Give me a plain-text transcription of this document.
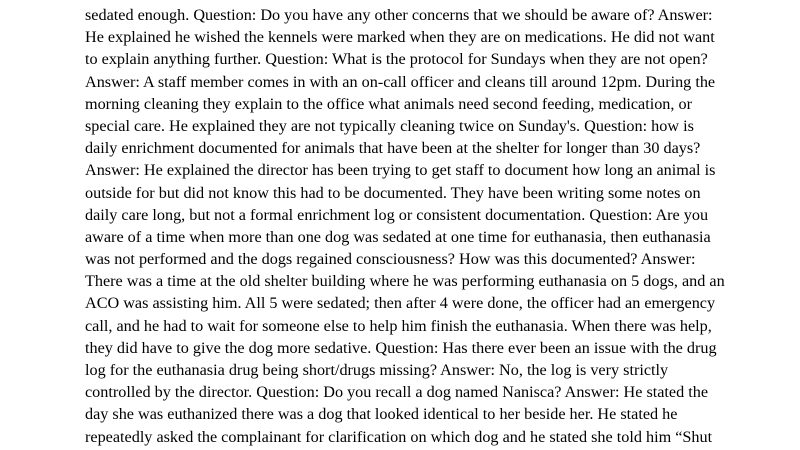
sedated enough. Question: Do you have any other concerns that we should be aware of? Answer:
He explained he wished the kennels were marked when they are on medications. He did not want
to explain anything further. Question: What is the protocol for Sundays when they are not open?
Answer: A staff member comes in with an on-call officer and cleans till around 12pm. During the
morning cleaning they explain to the office what animals need second feeding, medication, or
special care. He explained they are not typically cleaning twice on Sunday's. Question: how is
daily enrichment documented for animals that have been at the shelter for longer than 30 days?
Answer: He explained the director has been trying to get staff to document how long an animal is
outside for but did not know this had to be documented. They have been writing some notes on
daily care long, but not a formal enrichment log or consistent documentation. Question: Are you
aware of a time when more than one dog was sedated at one time for euthanasia, then euthanasia
was not performed and the dogs regained consciousness? How was this documented? Answer:
There was a time at the old shelter building where he was performing euthanasia on 5 dogs, and an
ACO was assisting him. All 5 were sedated; then after 4 were done, the officer had an emergency
call, and he had to wait for someone else to help him finish the euthanasia. When there was help,
they did have to give the dog more sedative. Question: Has there ever been an issue with the drug
log for the euthanasia drug being short/drugs missing? Answer: No, the log is very strictly
controlled by the director. Question: Do you recall a dog named Nanisca? Answer: He stated the
day she was euthanized there was a dog that looked identical to her beside her. He stated he
repeatedly asked the complainant for clarification on which dog and he stated she told him “Shut
